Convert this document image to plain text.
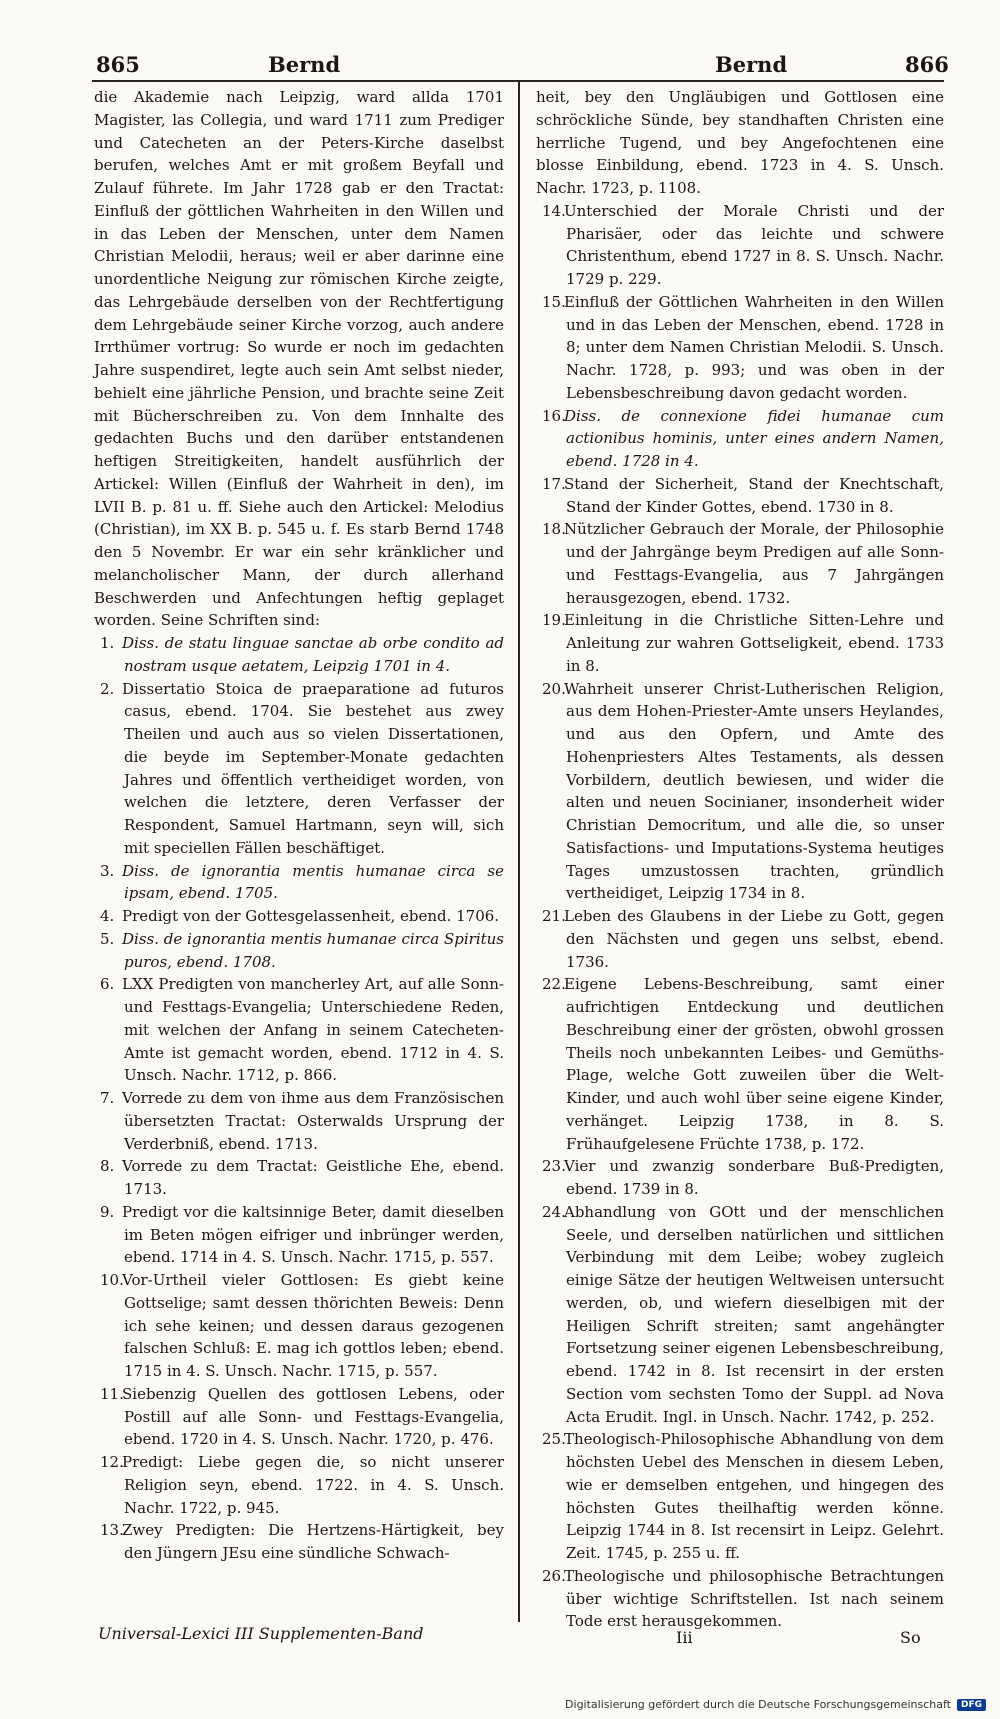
865	Bernd	Bernd	866

die Akademie nach Leipzig, ward allda 1701 Magister, las Collegia, und ward 1711 zum Prediger und Catecheten an der Peters-Kirche daselbst berufen, welches Amt er mit großem Beyfall und Zulauf führete. Im Jahr 1728 gab er den Tractat: Einfluß der göttlichen Wahrheiten in den Willen und in das Leben der Menschen, unter dem Namen Christian Melodii, heraus; weil er aber darinne eine unordentliche Neigung zur römischen Kirche zeigte, das Lehrgebäude derselben von der Rechtfertigung dem Lehrgebäude seiner Kirche vorzog, auch andere Irrthümer vortrug: So wurde er noch im gedachten Jahre suspendiret, legte auch sein Amt selbst nieder, behielt eine jährliche Pension, und brachte seine Zeit mit Bücherschreiben zu. Von dem Innhalte des gedachten Buchs und den darüber entstandenen heftigen Streitigkeiten, handelt ausführlich der Artickel: Willen (Einfluß der Wahrheit in den), im LVII B. p. 81 u. ff. Siehe auch den Artickel: Melodius (Christian), im XX B. p. 545 u. f. Es starb Bernd 1748 den 5 Novembr. Er war ein sehr kränklicher und melancholischer Mann, der durch allerhand Beschwerden und Anfechtungen heftig geplaget worden. Seine Schriften sind:

1. Diss. de statu linguae sanctae ab orbe condito ad nostram usque aetatem, Leipzig 1701 in 4.
2. Dissertatio Stoica de praeparatione ad futuros casus, ebend. 1704. Sie bestehet aus zwey Theilen und auch aus so vielen Dissertationen, die beyde im September-Monate gedachten Jahres und öffentlich vertheidiget worden, von welchen die letztere, deren Verfasser der Respondent, Samuel Hartmann, seyn will, sich mit speciellen Fällen beschäftiget.
3. Diss. de ignorantia mentis humanae circa se ipsam, ebend. 1705.
4. Predigt von der Gottesgelassenheit, ebend. 1706.
5. Diss. de ignorantia mentis humanae circa Spiritus puros, ebend. 1708.
6. LXX Predigten von mancherley Art, auf alle Sonn- und Festtags-Evangelia; Unterschiedene Reden, mit welchen der Anfang in seinem Catecheten-Amte ist gemacht worden, ebend. 1712 in 4. S. Unsch. Nachr. 1712, p. 866.
7. Vorrede zu dem von ihme aus dem Französischen übersetzten Tractat: Osterwalds Ursprung der Verderbniß, ebend. 1713.
8. Vorrede zu dem Tractat: Geistliche Ehe, ebend. 1713.
9. Predigt vor die kaltsinnige Beter, damit dieselben im Beten mögen eifriger und inbrünger werden, ebend. 1714 in 4. S. Unsch. Nachr. 1715, p. 557.
10.Vor-Urtheil vieler Gottlosen: Es giebt keine Gottselige; samt dessen thörichten Beweis: Denn ich sehe keinen; und dessen daraus gezogenen falschen Schluß: E. mag ich gottlos leben; ebend. 1715 in 4. S. Unsch. Nachr. 1715, p. 557.
11.Siebenzig Quellen des gottlosen Lebens, oder Postill auf alle Sonn- und Festtags-Evangelia, ebend. 1720 in 4. S. Unsch. Nachr. 1720, p. 476.
12.Predigt: Liebe gegen die, so nicht unserer Religion seyn, ebend. 1722. in 4. S. Unsch. Nachr. 1722, p. 945.
13.Zwey Predigten: Die Hertzens-Härtigkeit, bey den Jüngern JEsu eine sündliche Schwach-

heit, bey den Ungläubigen und Gottlosen eine schröckliche Sünde, bey standhaften Christen eine herrliche Tugend, und bey Angefochtenen eine blosse Einbildung, ebend. 1723 in 4. S. Unsch. Nachr. 1723, p. 1108.

14.Unterschied der Morale Christi und der Pharisäer, oder das leichte und schwere Christenthum, ebend 1727 in 8. S. Unsch. Nachr. 1729 p. 229.
15.Einfluß der Göttlichen Wahrheiten in den Willen und in das Leben der Menschen, ebend. 1728 in 8; unter dem Namen Christian Melodii. S. Unsch. Nachr. 1728, p. 993; und was oben in der Lebensbeschreibung davon gedacht worden.
16.Diss. de connexione fidei humanae cum actionibus hominis, unter eines andern Namen, ebend. 1728 in 4.
17.Stand der Sicherheit, Stand der Knechtschaft, Stand der Kinder Gottes, ebend. 1730 in 8.
18.Nützlicher Gebrauch der Morale, der Philosophie und der Jahrgänge beym Predigen auf alle Sonn- und Festtags-Evangelia, aus 7 Jahrgängen herausgezogen, ebend. 1732.
19.Einleitung in die Christliche Sitten-Lehre und Anleitung zur wahren Gottseligkeit, ebend. 1733 in 8.
20.Wahrheit unserer Christ-Lutherischen Religion, aus dem Hohen-Priester-Amte unsers Heylandes, und aus den Opfern, und Amte des Hohenpriesters Altes Testaments, als dessen Vorbildern, deutlich bewiesen, und wider die alten und neuen Socinianer, insonderheit wider Christian Democritum, und alle die, so unser Satisfactions- und Imputations-Systema heutiges Tages umzustossen trachten, gründlich vertheidiget, Leipzig 1734 in 8.
21.Leben des Glaubens in der Liebe zu Gott, gegen den Nächsten und gegen uns selbst, ebend. 1736.
22.Eigene Lebens-Beschreibung, samt einer aufrichtigen Entdeckung und deutlichen Beschreibung einer der grösten, obwohl grossen Theils noch unbekannten Leibes- und Gemüths-Plage, welche Gott zuweilen über die Welt-Kinder, und auch wohl über seine eigene Kinder, verhänget. Leipzig 1738, in 8. S. Frühaufgelesene Früchte 1738, p. 172.
23.Vier und zwanzig sonderbare Buß-Predigten, ebend. 1739 in 8.
24.Abhandlung von GOtt und der menschlichen Seele, und derselben natürlichen und sittlichen Verbindung mit dem Leibe; wobey zugleich einige Sätze der heutigen Weltweisen untersucht werden, ob, und wiefern dieselbigen mit der Heiligen Schrift streiten; samt angehängter Fortsetzung seiner eigenen Lebensbeschreibung, ebend. 1742 in 8. Ist recensirt in der ersten Section vom sechsten Tomo der Suppl. ad Nova Acta Erudit. Ingl. in Unsch. Nachr. 1742, p. 252.
25.Theologisch-Philosophische Abhandlung von dem höchsten Uebel des Menschen in diesem Leben, wie er demselben entgehen, und hingegen des höchsten Gutes theilhaftig werden könne. Leipzig 1744 in 8. Ist recensirt in Leipz. Gelehrt. Zeit. 1745, p. 255 u. ff.
26.Theologische und philosophische Betrachtungen über wichtige Schriftstellen. Ist nach seinem Tode erst herausgekommen.
Universal-Lexici III Supplementen-Band	Iii	So
Digitalisierung gefördert durch die Deutsche Forschungsgemeinschaft	DFG
